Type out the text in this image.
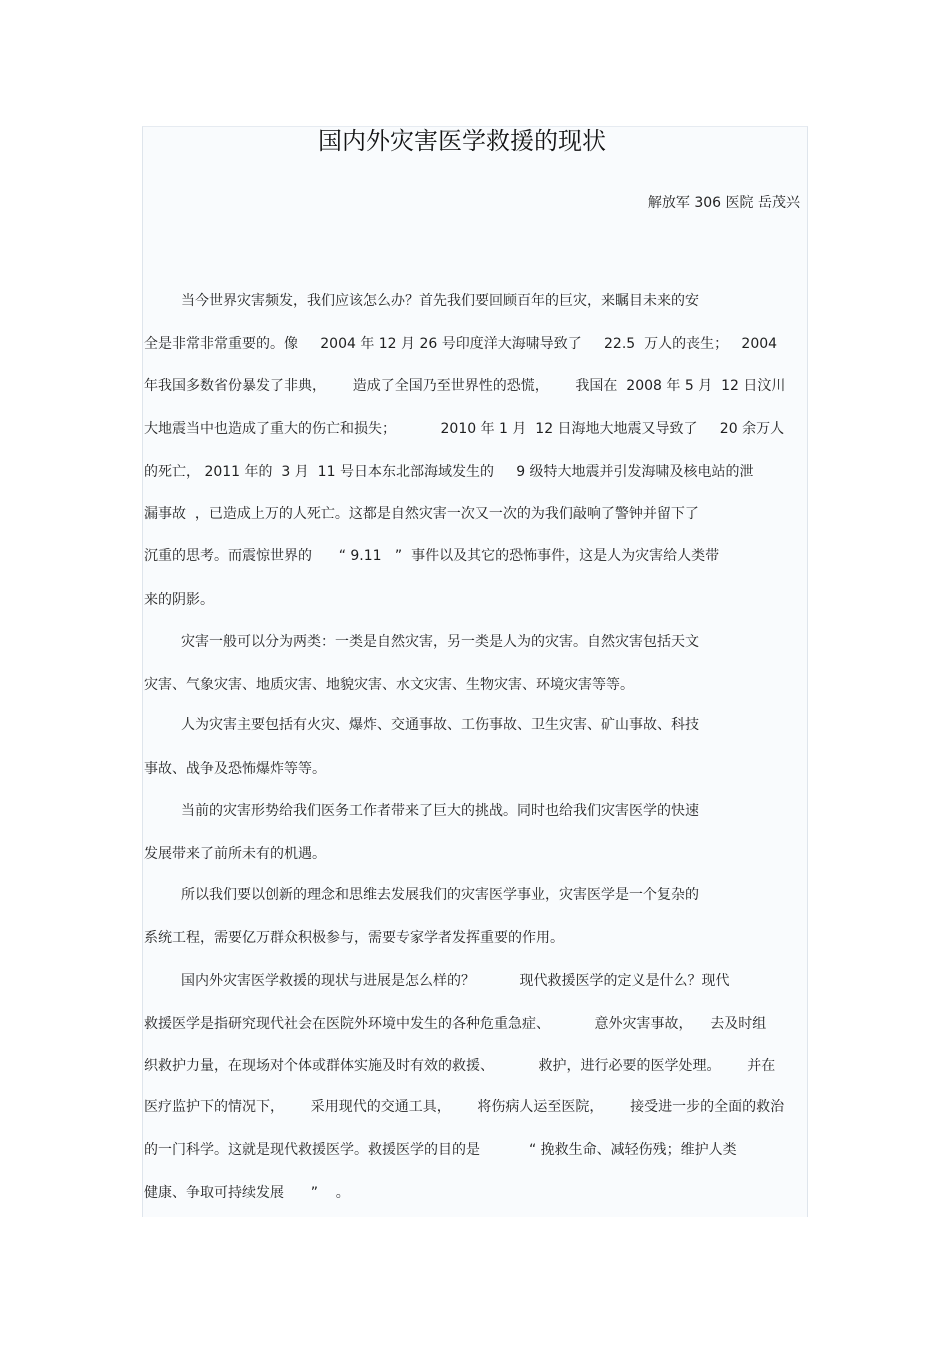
国内外灾害医学救援的现状
解放军 306 医院 岳茂兴
当今世界灾害频发，我们应该怎么办？首先我们要回顾百年的巨灾，来瞩目未来的安
全是非常非常重要的。像     2004 年 12 月 26 号印度洋大海啸导致了     22.5  万人的丧生；   2004
年我国多数省份暴发了非典，      造成了全国乃至世界性的恐慌，      我国在  2008 年 5 月  12 日汶川
大地震当中也造成了重大的伤亡和损失；          2010 年 1 月  12 日海地大地震又导致了     20 余万人
的死亡， 2011 年的  3 月  11 号日本东北部海域发生的     9 级特大地震并引发海啸及核电站的泄
漏事故  ，已造成上万的人死亡。这都是自然灾害一次又一次的为我们敲响了警钟并留下了
沉重的思考。而震惊世界的      “ 9.11   ”  事件以及其它的恐怖事件，这是人为灾害给人类带
来的阴影。
灾害一般可以分为两类：一类是自然灾害，另一类是人为的灾害。自然灾害包括天文
灾害、气象灾害、地质灾害、地貌灾害、水文灾害、生物灾害、环境灾害等等。
人为灾害主要包括有火灾、爆炸、交通事故、工伤事故、卫生灾害、矿山事故、科技
事故、战争及恐怖爆炸等等。
当前的灾害形势给我们医务工作者带来了巨大的挑战。同时也给我们灾害医学的快速
发展带来了前所未有的机遇。
所以我们要以创新的理念和思维去发展我们的灾害医学事业，灾害医学是一个复杂的
系统工程，需要亿万群众积极参与，需要专家学者发挥重要的作用。
国内外灾害医学救援的现状与进展是怎么样的？          现代救援医学的定义是什么？现代
救援医学是指研究现代社会在医院外环境中发生的各种危重急症、          意外灾害事故，    去及时组
织救护力量，在现场对个体或群体实施及时有效的救援、          救护，进行必要的医学处理。      并在
医疗监护下的情况下，      采用现代的交通工具，      将伤病人运至医院，      接受进一步的全面的救治
的一门科学。这就是现代救援医学。救援医学的目的是           “ 挽救生命、减轻伤残；维护人类
健康、争取可持续发展      ”    。
